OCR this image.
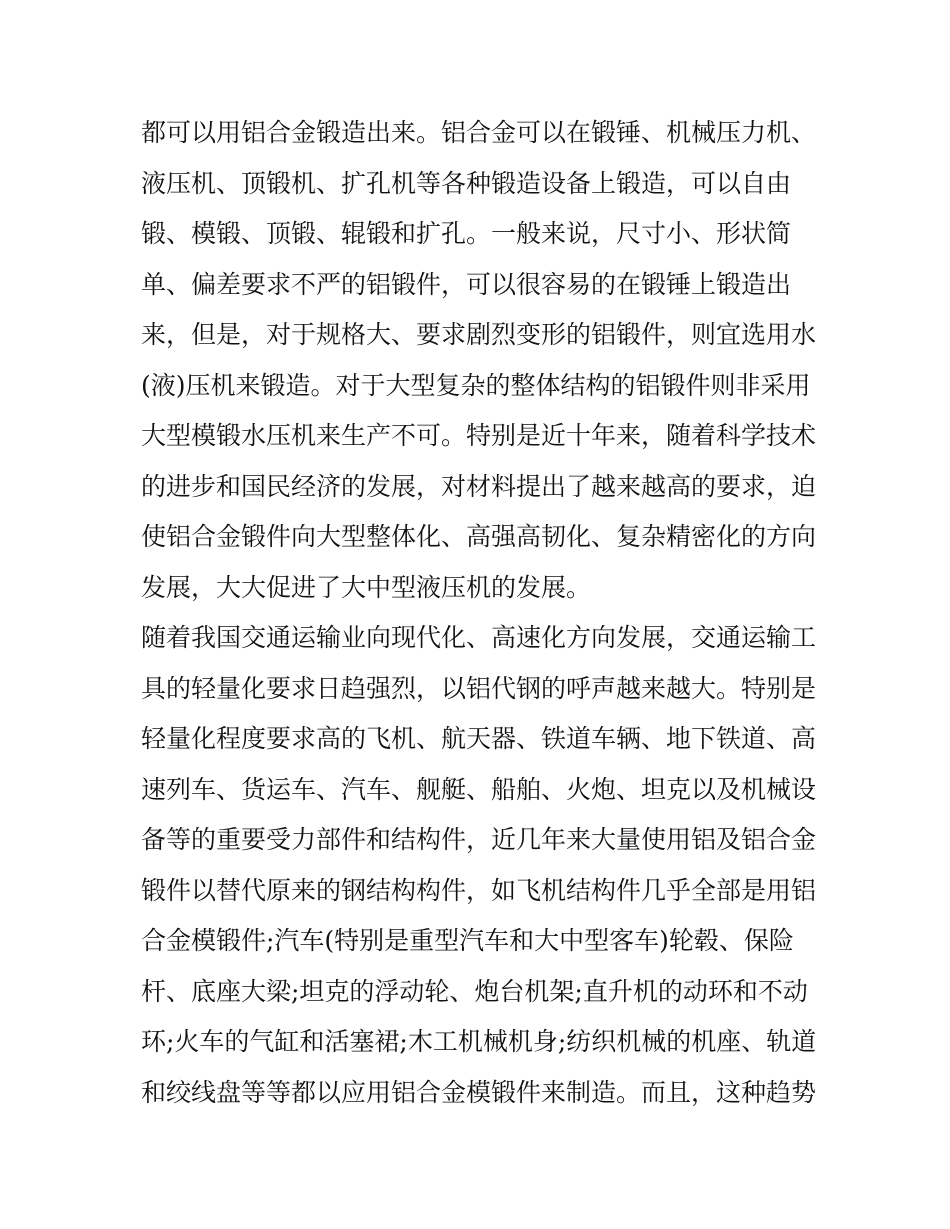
都可以用铝合金锻造出来。铝合金可以在锻锤、机械压力机、
液压机、顶锻机、扩孔机等各种锻造设备上锻造，可以自由
锻、模锻、顶锻、辊锻和扩孔。一般来说，尺寸小、形状简
单、偏差要求不严的铝锻件，可以很容易的在锻锤上锻造出
来，但是，对于规格大、要求剧烈变形的铝锻件，则宜选用水
(液)压机来锻造。对于大型复杂的整体结构的铝锻件则非采用
大型模锻水压机来生产不可。特别是近十年来，随着科学技术
的进步和国民经济的发展，对材料提出了越来越高的要求，迫
使铝合金锻件向大型整体化、高强高韧化、复杂精密化的方向
发展，大大促进了大中型液压机的发展。
随着我国交通运输业向现代化、高速化方向发展，交通运输工
具的轻量化要求日趋强烈，以铝代钢的呼声越来越大。特别是
轻量化程度要求高的飞机、航天器、铁道车辆、地下铁道、高
速列车、货运车、汽车、舰艇、船舶、火炮、坦克以及机械设
备等的重要受力部件和结构件，近几年来大量使用铝及铝合金
锻件以替代原来的钢结构构件，如飞机结构件几乎全部是用铝
合金模锻件;汽车(特别是重型汽车和大中型客车)轮毂、保险
杆、底座大梁;坦克的浮动轮、炮台机架;直升机的动环和不动
环;火车的气缸和活塞裙;木工机械机身;纺织机械的机座、轨道
和绞线盘等等都以应用铝合金模锻件来制造。而且，这种趋势
